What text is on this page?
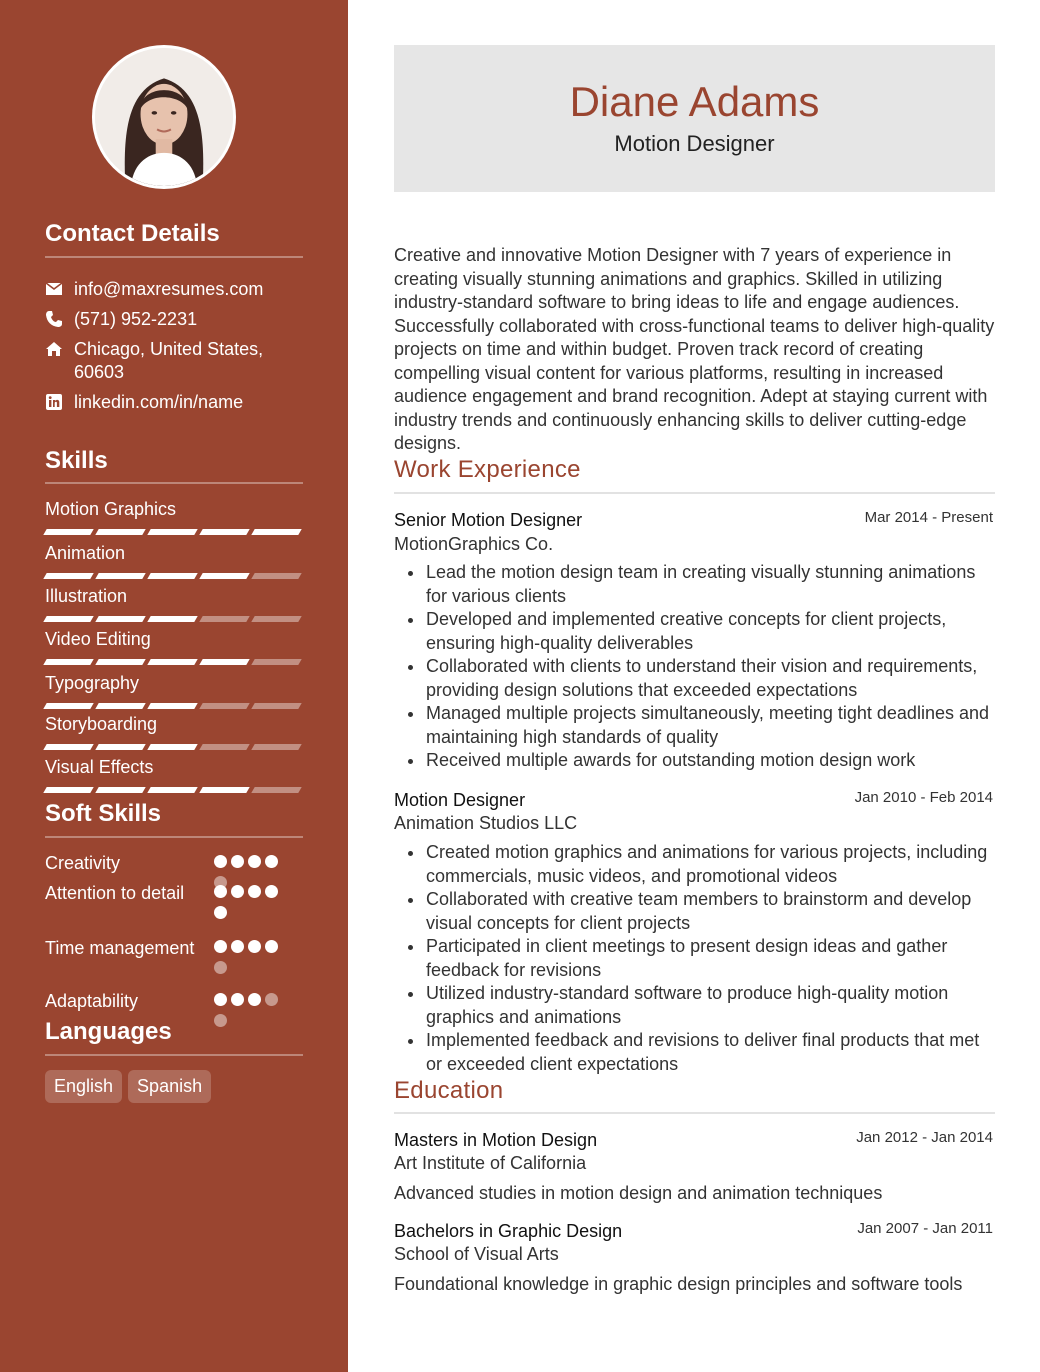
Contact Details
info@maxresumes.com
(571) 952-2231
Chicago, United States, 60603
linkedin.com/in/name
Skills
Motion Graphics
Animation
Illustration
Video Editing
Typography
Storyboarding
Visual Effects
Soft Skills
Creativity
Attention to detail
Time management
Adaptability
Languages
English	Spanish
Diane Adams
Motion Designer
Creative and innovative Motion Designer with 7 years of experience in creating visually stunning animations and graphics. Skilled in utilizing industry-standard software to bring ideas to life and engage audiences. Successfully collaborated with cross-functional teams to deliver high-quality projects on time and within budget. Proven track record of creating compelling visual content for various platforms, resulting in increased audience engagement and brand recognition. Adept at staying current with industry trends and continuously enhancing skills to deliver cutting-edge designs.
Work Experience
Senior Motion Designer	Mar 2014 - Present
MotionGraphics Co.
Lead the motion design team in creating visually stunning animations for various clients
Developed and implemented creative concepts for client projects, ensuring high-quality deliverables
Collaborated with clients to understand their vision and requirements, providing design solutions that exceeded expectations
Managed multiple projects simultaneously, meeting tight deadlines and maintaining high standards of quality
Received multiple awards for outstanding motion design work
Motion Designer	Jan 2010 - Feb 2014
Animation Studios LLC
Created motion graphics and animations for various projects, including commercials, music videos, and promotional videos
Collaborated with creative team members to brainstorm and develop visual concepts for client projects
Participated in client meetings to present design ideas and gather feedback for revisions
Utilized industry-standard software to produce high-quality motion graphics and animations
Implemented feedback and revisions to deliver final products that met or exceeded client expectations
Education
Masters in Motion Design	Jan 2012 - Jan 2014
Art Institute of California
Advanced studies in motion design and animation techniques
Bachelors in Graphic Design	Jan 2007 - Jan 2011
School of Visual Arts
Foundational knowledge in graphic design principles and software tools
